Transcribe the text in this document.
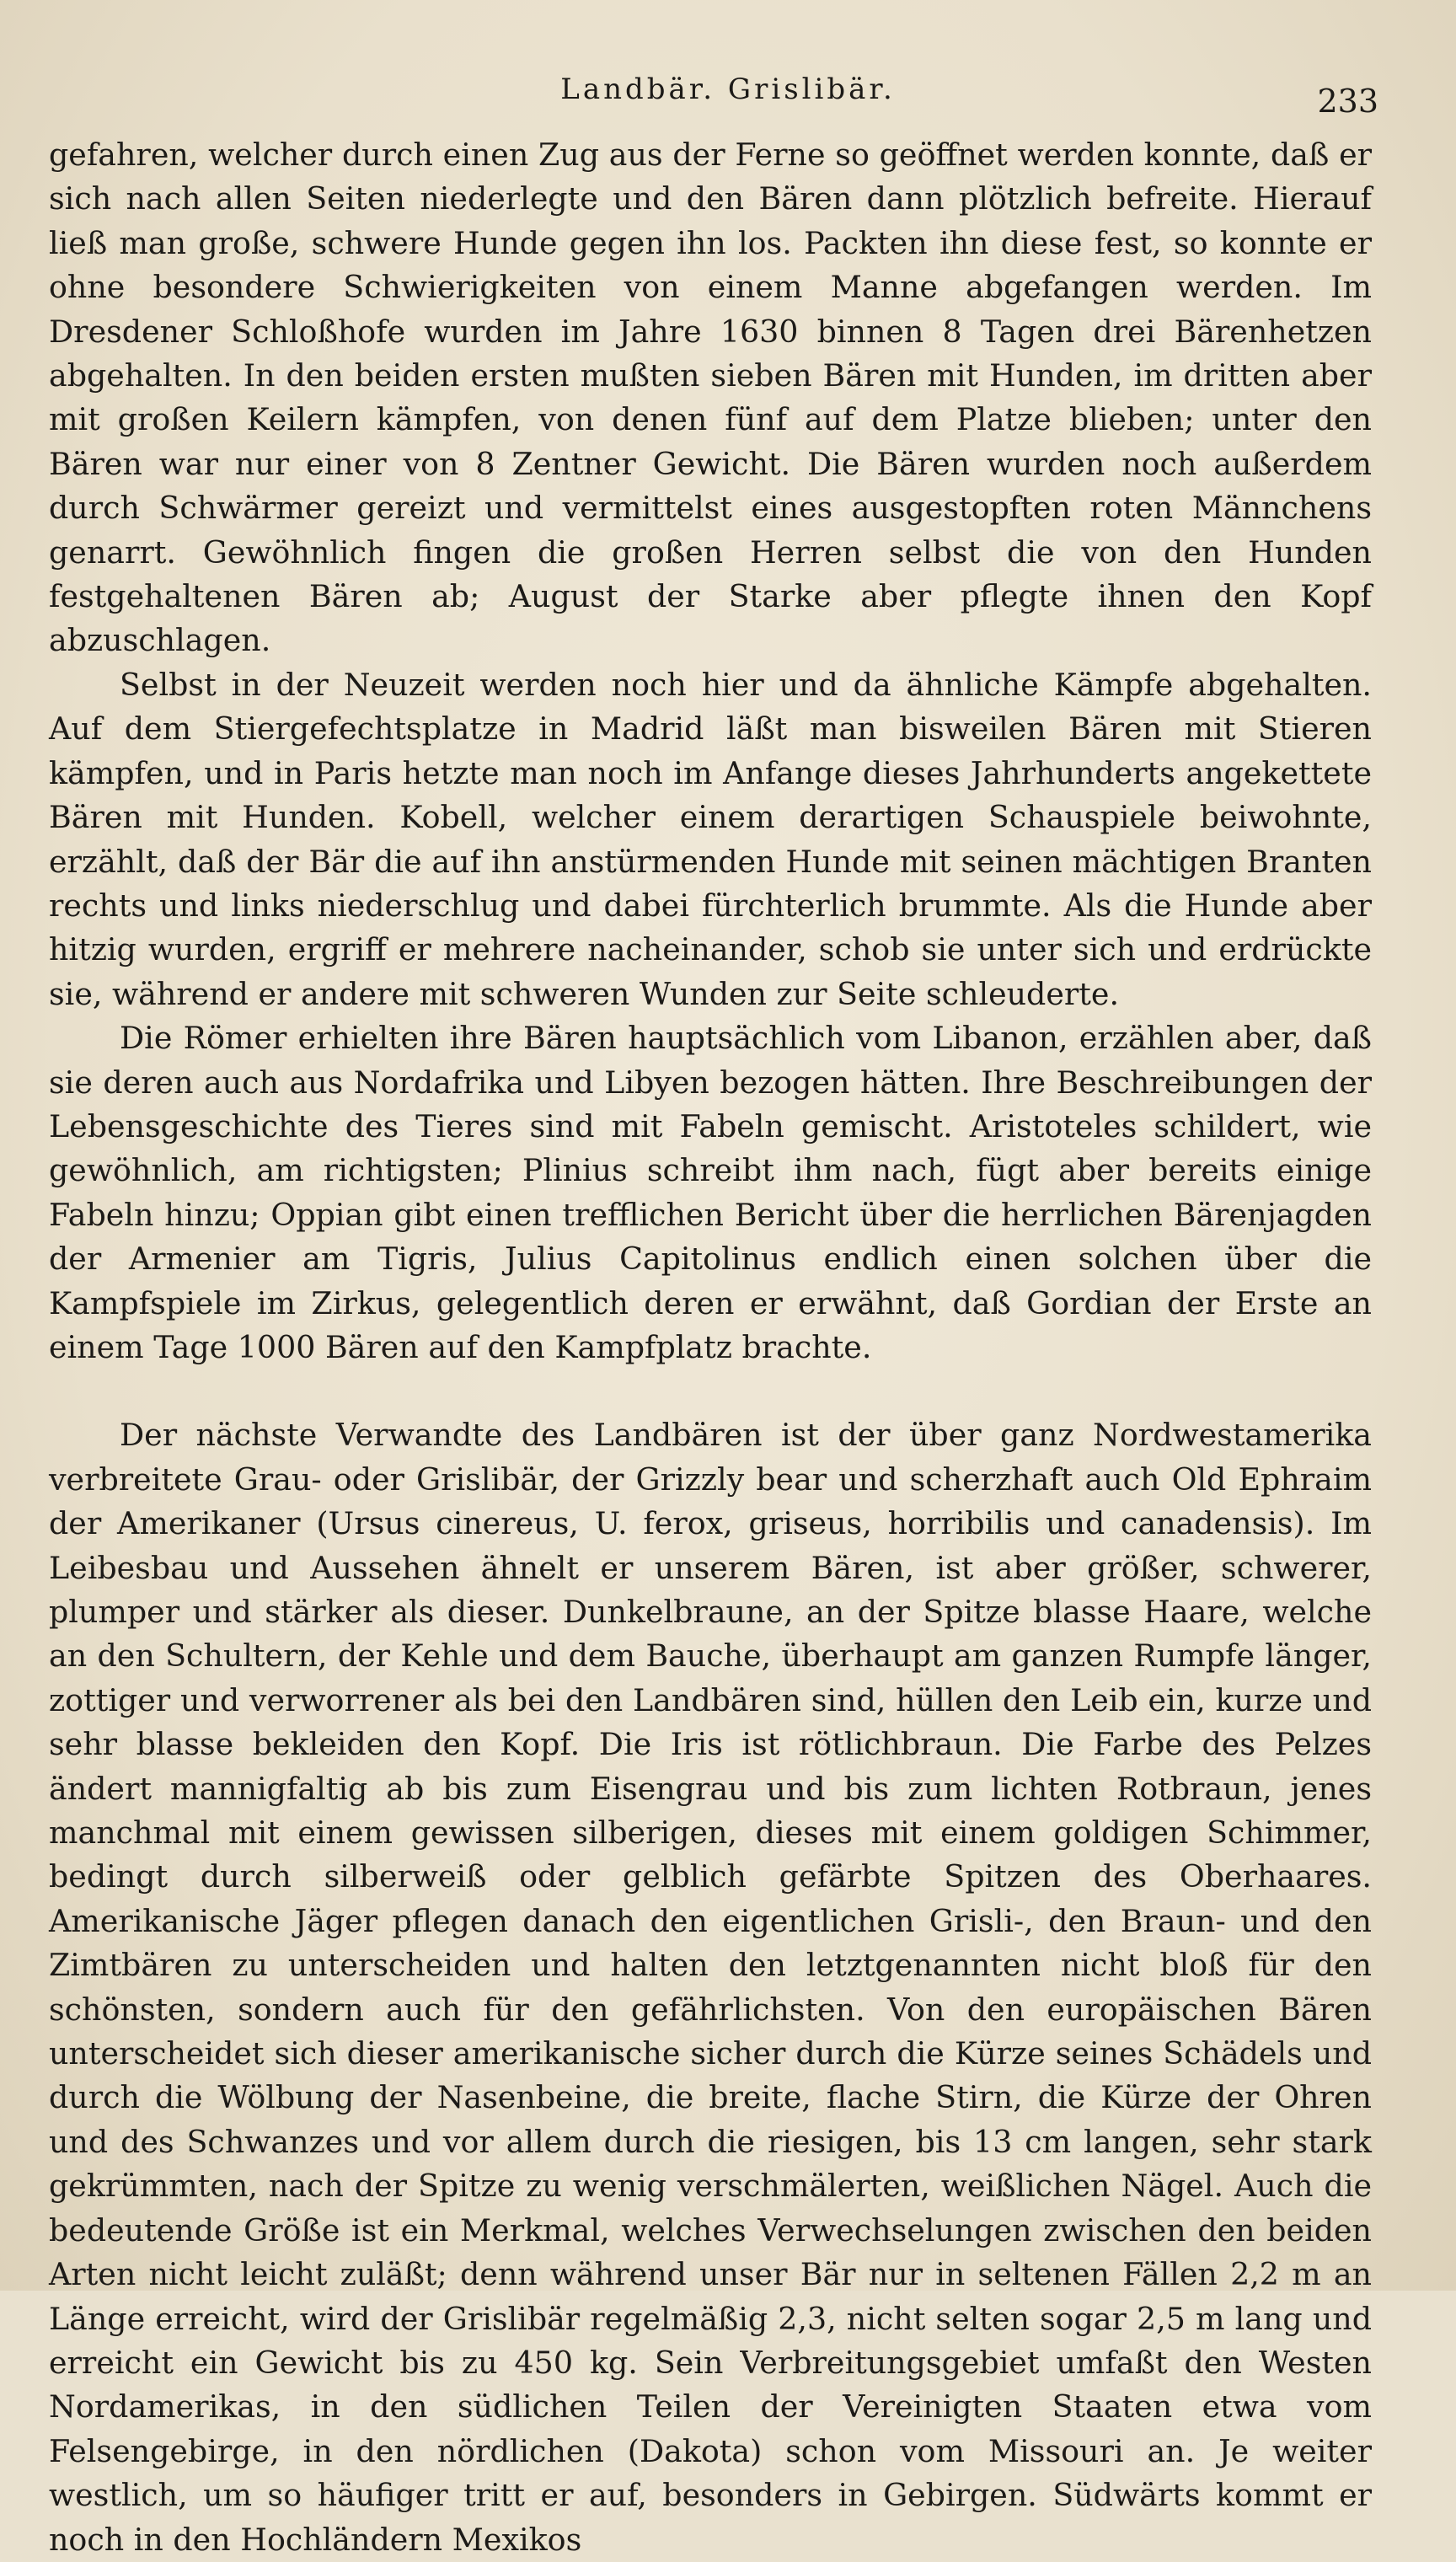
Landbär. Grislibär.	233

gefahren, welcher durch einen Zug aus der Ferne so geöffnet werden konnte, daß er sich nach allen Seiten niederlegte und den Bären dann plötzlich befreite. Hierauf ließ man große, schwere Hunde gegen ihn los. Packten ihn diese fest, so konnte er ohne besondere Schwierigkeiten von einem Manne abgefangen werden. Im Dresdener Schloßhofe wurden im Jahre 1630 binnen 8 Tagen drei Bärenhetzen abgehalten. In den beiden ersten mußten sieben Bären mit Hunden, im dritten aber mit großen Keilern kämpfen, von denen fünf auf dem Platze blieben; unter den Bären war nur einer von 8 Zentner Gewicht. Die Bären wurden noch außerdem durch Schwärmer gereizt und vermittelst eines ausgestopften roten Männchens genarrt. Gewöhnlich fingen die großen Herren selbst die von den Hunden festgehaltenen Bären ab; August der Starke aber pflegte ihnen den Kopf abzuschlagen.

Selbst in der Neuzeit werden noch hier und da ähnliche Kämpfe abgehalten. Auf dem Stiergefechtsplatze in Madrid läßt man bisweilen Bären mit Stieren kämpfen, und in Paris hetzte man noch im Anfange dieses Jahrhunderts angekettete Bären mit Hunden. Kobell, welcher einem derartigen Schauspiele beiwohnte, erzählt, daß der Bär die auf ihn anstürmenden Hunde mit seinen mächtigen Branten rechts und links niederschlug und dabei fürchterlich brummte. Als die Hunde aber hitzig wurden, ergriff er mehrere nacheinander, schob sie unter sich und erdrückte sie, während er andere mit schweren Wunden zur Seite schleuderte.

Die Römer erhielten ihre Bären hauptsächlich vom Libanon, erzählen aber, daß sie deren auch aus Nordafrika und Libyen bezogen hätten. Ihre Beschreibungen der Lebensgeschichte des Tieres sind mit Fabeln gemischt. Aristoteles schildert, wie gewöhnlich, am richtigsten; Plinius schreibt ihm nach, fügt aber bereits einige Fabeln hinzu; Oppian gibt einen trefflichen Bericht über die herrlichen Bärenjagden der Armenier am Tigris, Julius Capitolinus endlich einen solchen über die Kampfspiele im Zirkus, gelegentlich deren er erwähnt, daß Gordian der Erste an einem Tage 1000 Bären auf den Kampfplatz brachte.

Der nächste Verwandte des Landbären ist der über ganz Nordwestamerika verbreitete Grau- oder Grislibär, der Grizzly bear und scherzhaft auch Old Ephraim der Amerikaner (Ursus cinereus, U. ferox, griseus, horribilis und canadensis). Im Leibesbau und Aussehen ähnelt er unserem Bären, ist aber größer, schwerer, plumper und stärker als dieser. Dunkelbraune, an der Spitze blasse Haare, welche an den Schultern, der Kehle und dem Bauche, überhaupt am ganzen Rumpfe länger, zottiger und verworrener als bei den Landbären sind, hüllen den Leib ein, kurze und sehr blasse bekleiden den Kopf. Die Iris ist rötlichbraun. Die Farbe des Pelzes ändert mannigfaltig ab bis zum Eisengrau und bis zum lichten Rotbraun, jenes manchmal mit einem gewissen silberigen, dieses mit einem goldigen Schimmer, bedingt durch silberweiß oder gelblich gefärbte Spitzen des Oberhaares. Amerikanische Jäger pflegen danach den eigentlichen Grisli-, den Braun- und den Zimtbären zu unterscheiden und halten den letztgenannten nicht bloß für den schönsten, sondern auch für den gefährlichsten. Von den europäischen Bären unterscheidet sich dieser amerikanische sicher durch die Kürze seines Schädels und durch die Wölbung der Nasenbeine, die breite, flache Stirn, die Kürze der Ohren und des Schwanzes und vor allem durch die riesigen, bis 13 cm langen, sehr stark gekrümmten, nach der Spitze zu wenig verschmälerten, weißlichen Nägel. Auch die bedeutende Größe ist ein Merkmal, welches Verwechselungen zwischen den beiden Arten nicht leicht zuläßt; denn während unser Bär nur in seltenen Fällen 2,2 m an Länge erreicht, wird der Grislibär regelmäßig 2,3, nicht selten sogar 2,5 m lang und erreicht ein Gewicht bis zu 450 kg. Sein Verbreitungsgebiet umfaßt den Westen Nordamerikas, in den südlichen Teilen der Vereinigten Staaten etwa vom Felsengebirge, in den nördlichen (Dakota) schon vom Missouri an. Je weiter westlich, um so häufiger tritt er auf, besonders in Gebirgen. Südwärts kommt er noch in den Hochländern Mexikos
